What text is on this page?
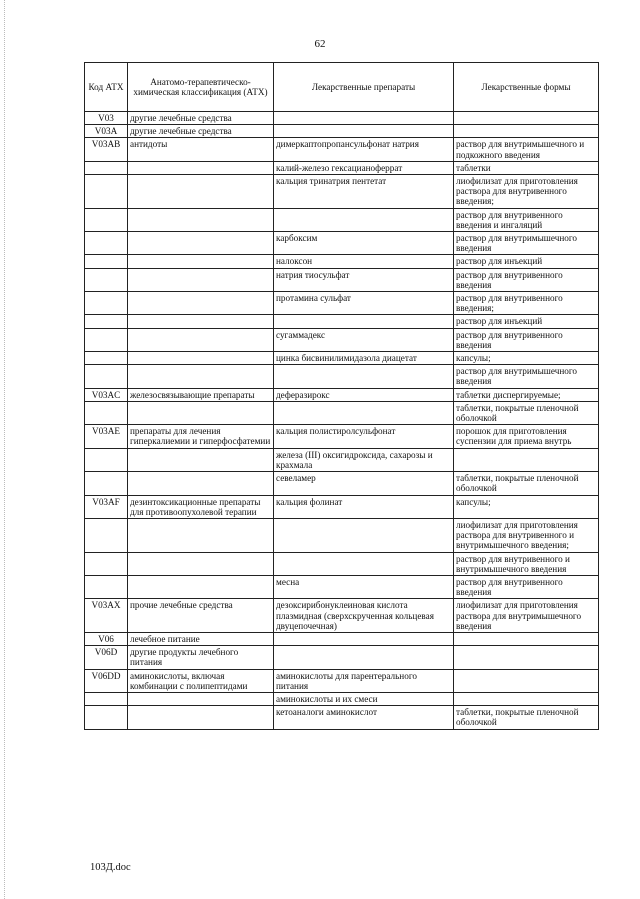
62
Код АТХ	Анатомо-терапевтическо-химическая классификация (АТХ)	Лекарственные препараты	Лекарственные формы
V03	другие лечебные средства		
V03A	другие лечебные средства		
V03AB	антидоты	димеркаптопропансульфонат натрия	раствор для внутримышечного и подкожного введения
		калий-железо гексацианоферрат	таблетки
		кальция тринатрия пентетат	лиофилизат для приготовления раствора для внутривенного введения;
			раствор для внутривенного введения и ингаляций
		карбоксим	раствор для внутримышечного введения
		налоксон	раствор для инъекций
		натрия тиосульфат	раствор для внутривенного введения
		протамина сульфат	раствор для внутривенного введения;
			раствор для инъекций
		сугаммадекс	раствор для внутривенного введения
		цинка бисвинилимидазола диацетат	капсулы;
			раствор для внутримышечного введения
V03AC	железосвязывающие препараты	деферазирокс	таблетки диспергируемые;
			таблетки, покрытые пленочной оболочкой
V03AE	препараты для лечения гиперкалиемии и гиперфосфатемии	кальция полистиролсульфонат	порошок для приготовления суспензии для приема внутрь
		железа (III) оксигидроксида, сахарозы и крахмала	
		севеламер	таблетки, покрытые пленочной оболочкой
V03AF	дезинтоксикационные препараты для противоопухолевой терапии	кальция фолинат	капсулы;
			лиофилизат для приготовления раствора для внутривенного и внутримышечного введения;
			раствор для внутривенного и внутримышечного введения
		месна	раствор для внутривенного введения
V03AX	прочие лечебные средства	дезоксирибонуклеиновая кислота плазмидная (сверхскрученная кольцевая двуцепочечная)	лиофилизат для приготовления раствора для внутримышечного введения
V06	лечебное питание		
V06D	другие продукты лечебного питания		
V06DD	аминокислоты, включая комбинации с полипептидами	аминокислоты для парентерального питания	
		аминокислоты и их смеси	
		кетоаналоги аминокислот	таблетки, покрытые пленочной оболочкой
103Д.doc
